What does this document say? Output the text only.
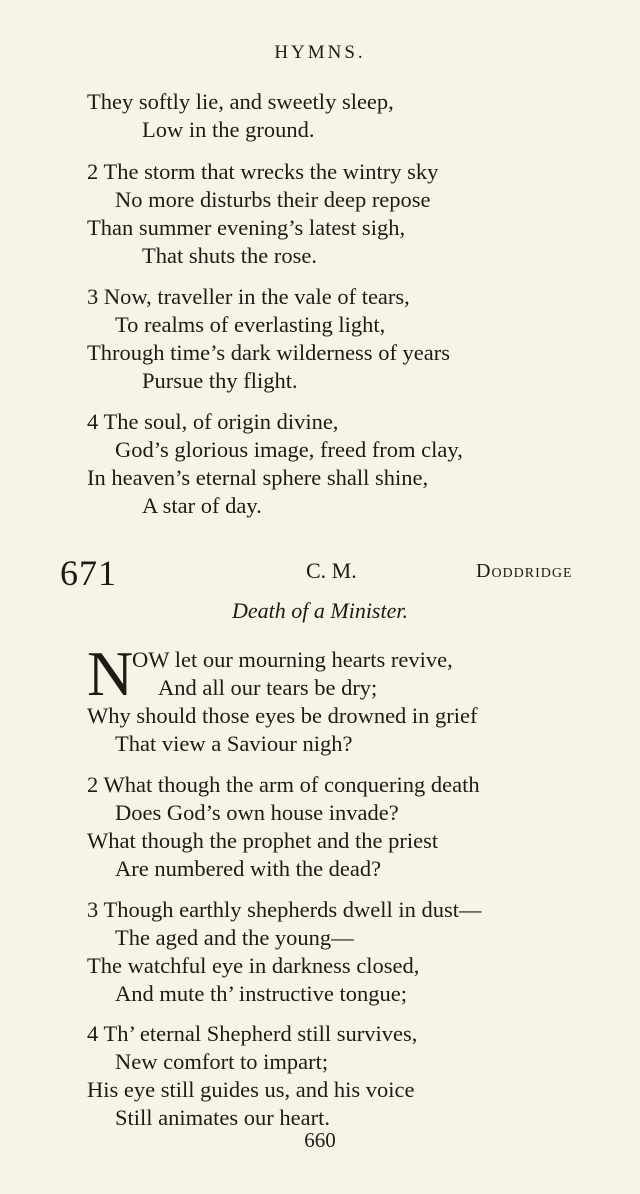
HYMNS.
They softly lie, and sweetly sleep,
Low in the ground.
2 The storm that wrecks the wintry sky
No more disturbs their deep repose
Than summer evening’s latest sigh,
That shuts the rose.
3 Now, traveller in the vale of tears,
To realms of everlasting light,
Through time’s dark wilderness of years
Pursue thy flight.
4 The soul, of origin divine,
God’s glorious image, freed from clay,
In heaven’s eternal sphere shall shine,
A star of day.
671	C. M.	Doddridge
Death of a Minister.
N
OW let our mourning hearts revive,
And all our tears be dry;
Why should those eyes be drowned in grief
That view a Saviour nigh?
2 What though the arm of conquering death
Does God’s own house invade?
What though the prophet and the priest
Are numbered with the dead?
3 Though earthly shepherds dwell in dust—
The aged and the young—
The watchful eye in darkness closed,
And mute th’ instructive tongue;
4 Th’ eternal Shepherd still survives,
New comfort to impart;
His eye still guides us, and his voice
Still animates our heart.
660
